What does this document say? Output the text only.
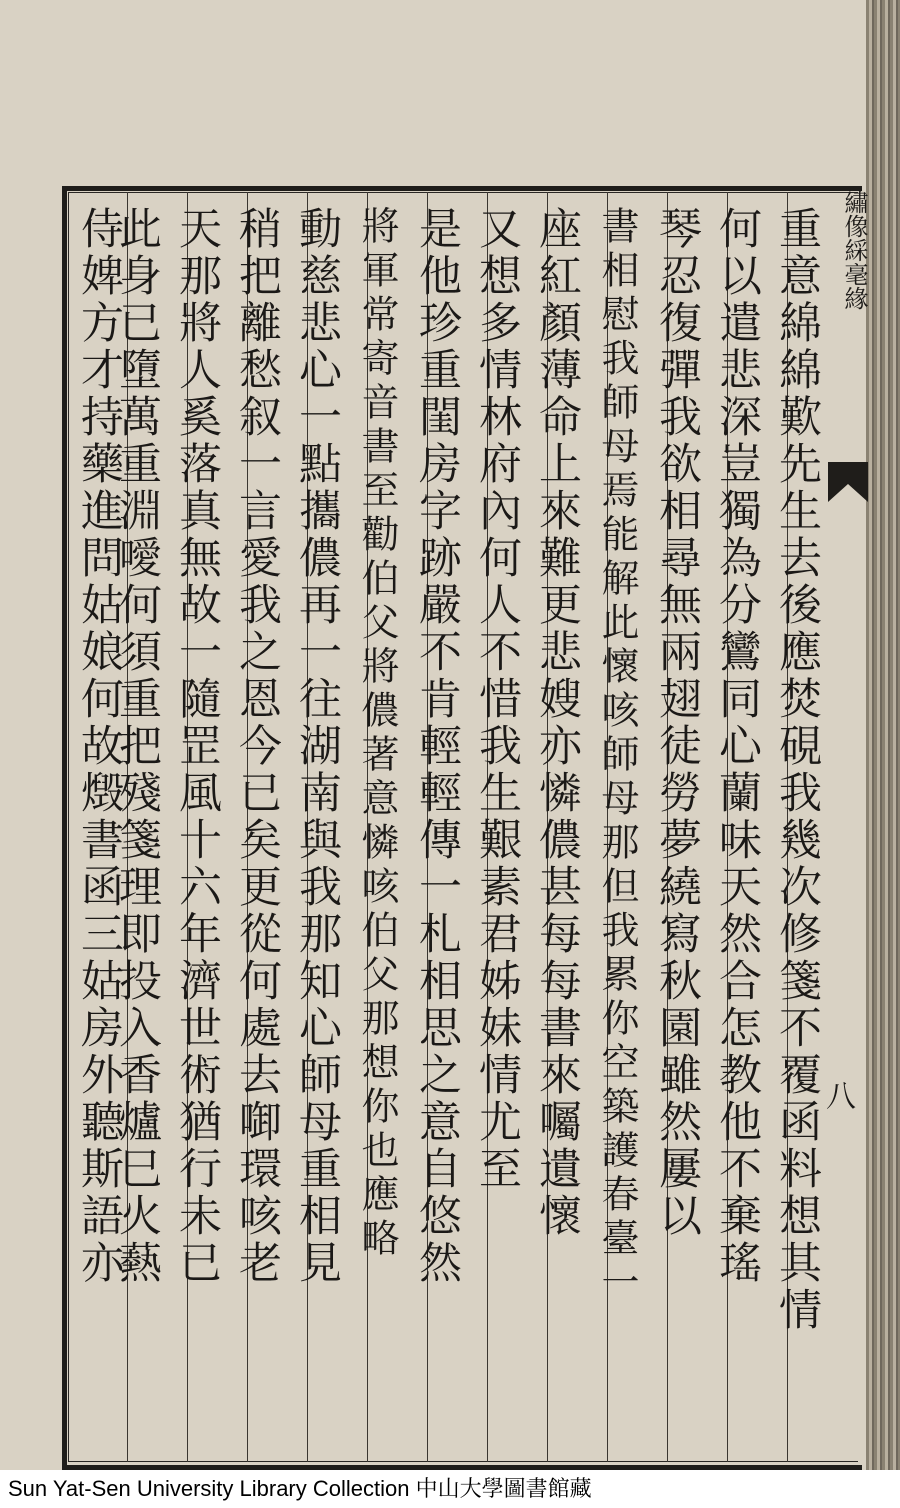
繡像綵毫緣
八
重意綿綿歎先生去後應焚硯我幾次修箋不覆函料想其情
何以遣悲深豈獨為分鸞同心蘭味天然合怎教他不棄瑤
琴忍復彈我欲相尋無兩翅徒勞夢繞寫秋園雖然屢以
書相慰我師母焉能解此懷咳師母那但我累你空築護春臺一
座紅顏薄命上來難更悲嫂亦憐儂甚每每書來囑遺懷
又想多情林府內何人不惜我生艱素君姊妹情尤至
是他珍重閨房字跡嚴不肯輕輕傳一札相思之意自悠然
將軍常寄音書至勸伯父將儂著意憐咳伯父那想你也應略
動慈悲心一點攜儂再一往湖南與我那知心師母重相見
稍把離愁叙一言愛我之恩今已矣更從何處去啣環咳老
天那將人奚落真無故一隨罡風十六年濟世術猶行未已
此身已墮萬重淵噯何須重把殘箋理即投入香爐巳火爇
侍婢方才持藥進問姑娘何故燬書函三姑房外聽斯語亦
Sun Yat-Sen University Library Collection 中山大學圖書館藏
